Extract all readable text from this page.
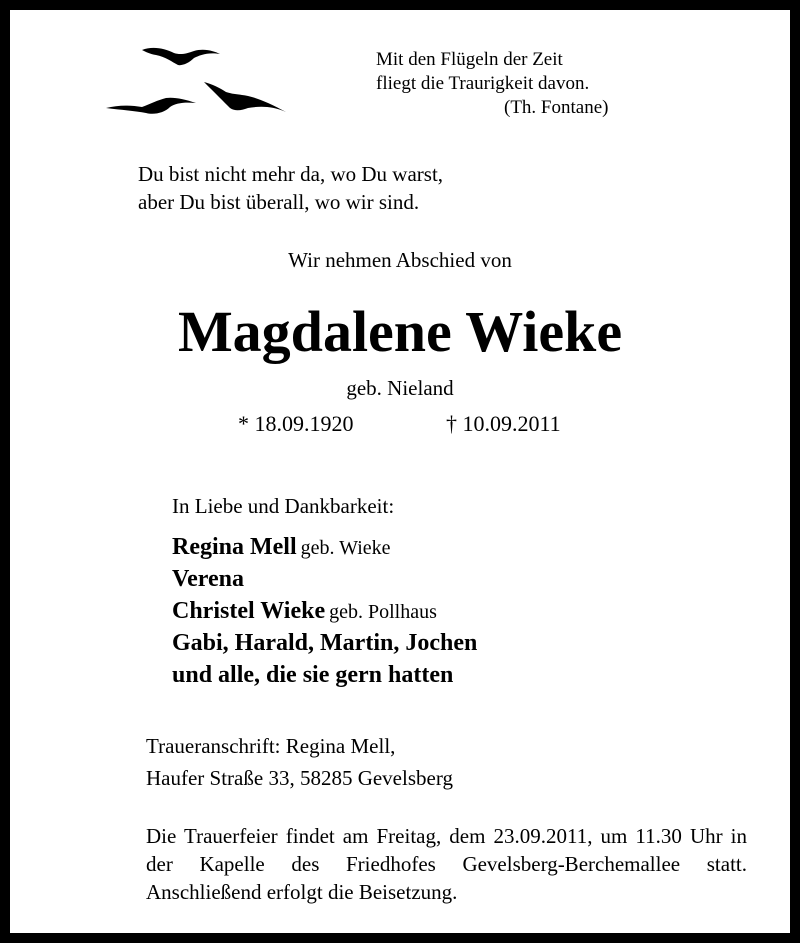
Mit den Flügeln der Zeit
fliegt die Traurigkeit davon.
(Th. Fontane)
Du bist nicht mehr da, wo Du warst,
aber Du bist überall, wo wir sind.
Wir nehmen Abschied von
Magdalene Wieke
geb. Nieland
* 18.09.1920	† 10.09.2011
In Liebe und Dankbarkeit:
Regina Mell geb. Wieke
Verena
Christel Wieke geb. Pollhaus
Gabi, Harald, Martin, Jochen
und alle, die sie gern hatten
Traueranschrift: Regina Mell,
Haufer Straße 33, 58285 Gevelsberg
Die Trauerfeier findet am Freitag, dem 23.09.2011, um 11.30 Uhr in der Kapelle des Friedhofes Gevelsberg-Berchemallee statt. Anschließend erfolgt die Beisetzung.
